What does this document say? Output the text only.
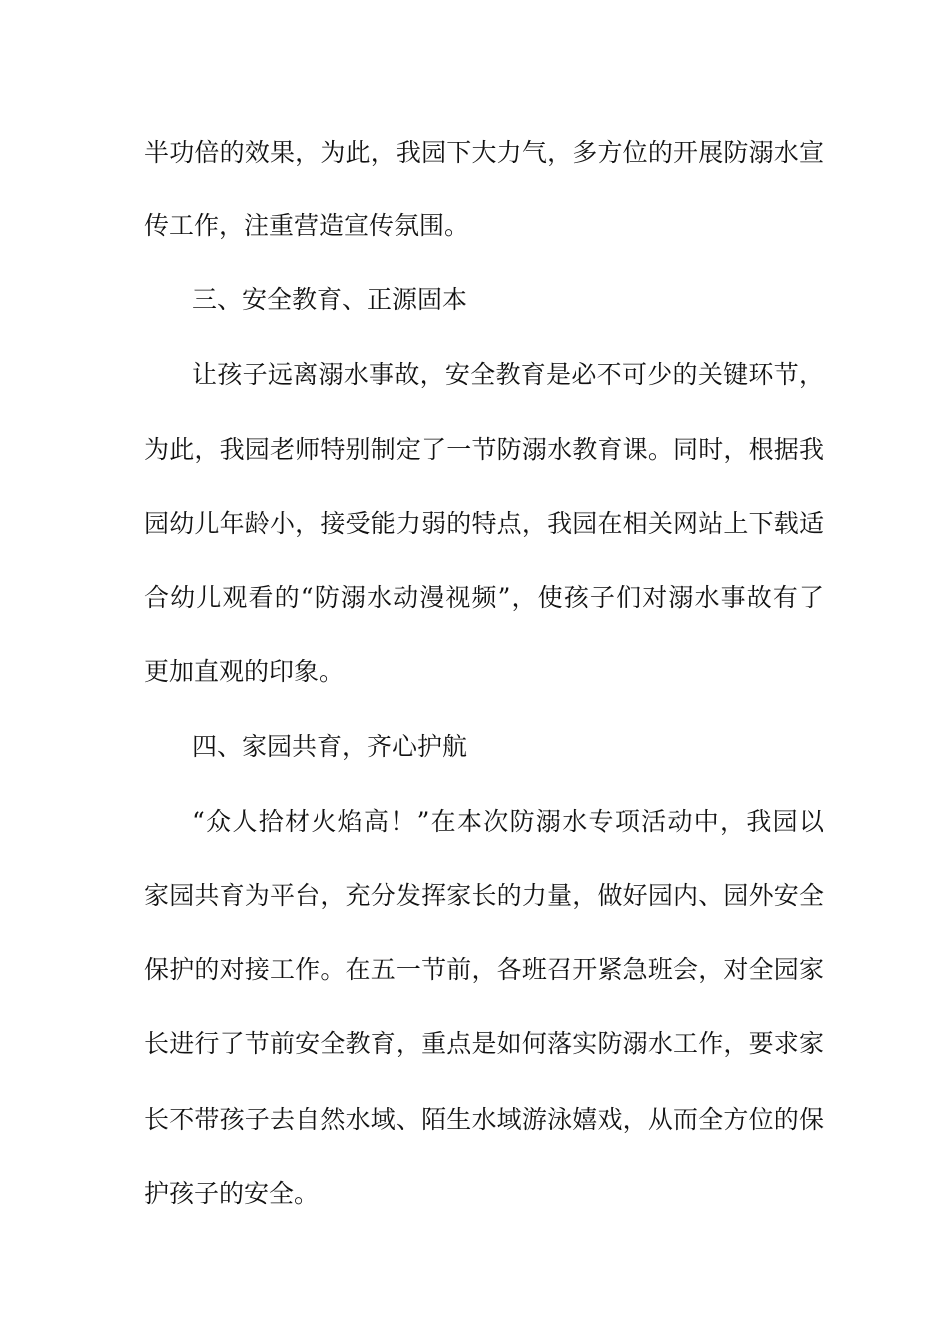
半功倍的效果，为此，我园下大力气，多方位的开展防溺水宣
传工作，注重营造宣传氛围。
三、安全教育、正源固本
让孩子远离溺水事故，安全教育是必不可少的关键环节，
为此，我园老师特别制定了一节防溺水教育课。同时，根据我
园幼儿年龄小，接受能力弱的特点，我园在相关网站上下载适
合幼儿观看的“防溺水动漫视频”，使孩子们对溺水事故有了
更加直观的印象。
四、家园共育，齐心护航
“众人拾材火焰高！”在本次防溺水专项活动中，我园以
家园共育为平台，充分发挥家长的力量，做好园内、园外安全
保护的对接工作。在五一节前，各班召开紧急班会，对全园家
长进行了节前安全教育，重点是如何落实防溺水工作，要求家
长不带孩子去自然水域、陌生水域游泳嬉戏，从而全方位的保
护孩子的安全。
